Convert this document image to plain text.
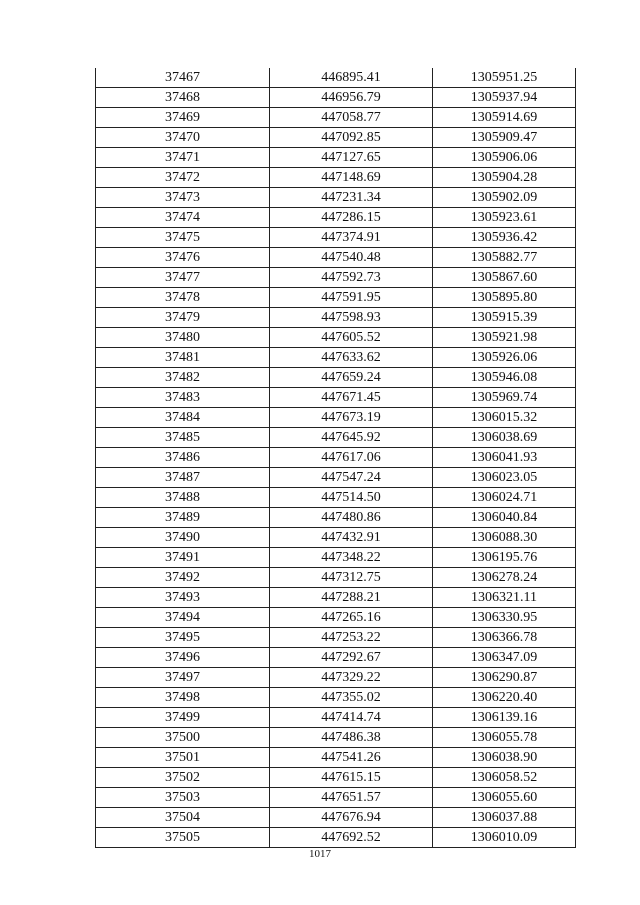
37467	446895.41	1305951.25
37468	446956.79	1305937.94
37469	447058.77	1305914.69
37470	447092.85	1305909.47
37471	447127.65	1305906.06
37472	447148.69	1305904.28
37473	447231.34	1305902.09
37474	447286.15	1305923.61
37475	447374.91	1305936.42
37476	447540.48	1305882.77
37477	447592.73	1305867.60
37478	447591.95	1305895.80
37479	447598.93	1305915.39
37480	447605.52	1305921.98
37481	447633.62	1305926.06
37482	447659.24	1305946.08
37483	447671.45	1305969.74
37484	447673.19	1306015.32
37485	447645.92	1306038.69
37486	447617.06	1306041.93
37487	447547.24	1306023.05
37488	447514.50	1306024.71
37489	447480.86	1306040.84
37490	447432.91	1306088.30
37491	447348.22	1306195.76
37492	447312.75	1306278.24
37493	447288.21	1306321.11
37494	447265.16	1306330.95
37495	447253.22	1306366.78
37496	447292.67	1306347.09
37497	447329.22	1306290.87
37498	447355.02	1306220.40
37499	447414.74	1306139.16
37500	447486.38	1306055.78
37501	447541.26	1306038.90
37502	447615.15	1306058.52
37503	447651.57	1306055.60
37504	447676.94	1306037.88
37505	447692.52	1306010.09
1017
